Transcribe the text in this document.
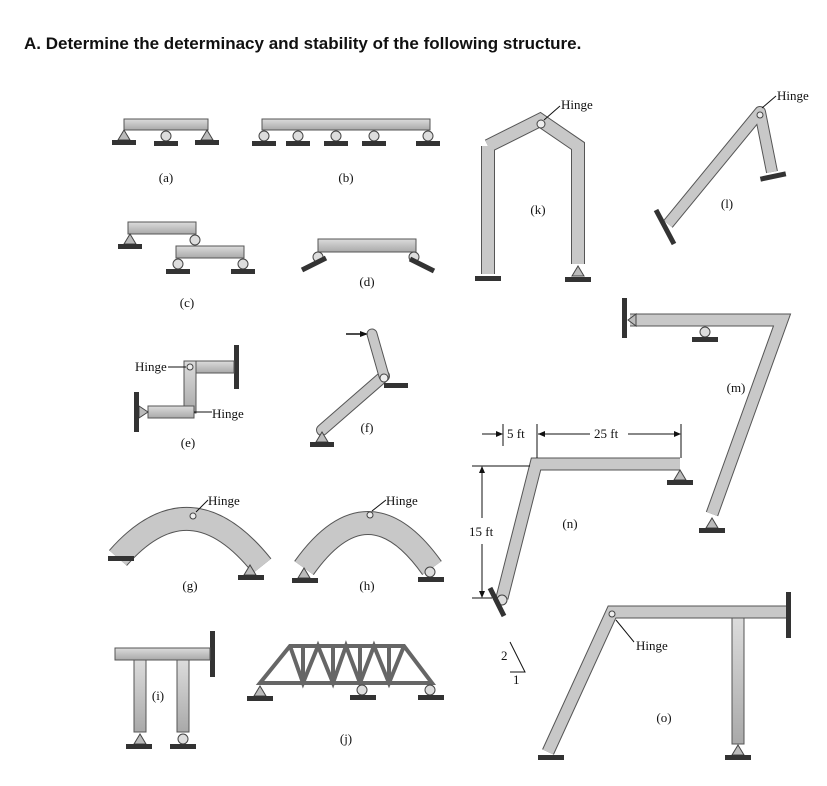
A. Determine the determinacy and stability of the following structure.
(a)	(b)
(c)
(d)
Hinge
Hinge
(e)
(f)
Hinge
(g)
Hinge
(h)
(i)
(j)
Hinge
(k)
Hinge
(l)
(m)
5 ft	25 ft
15 ft
2
1
(n)
Hinge
(o)
